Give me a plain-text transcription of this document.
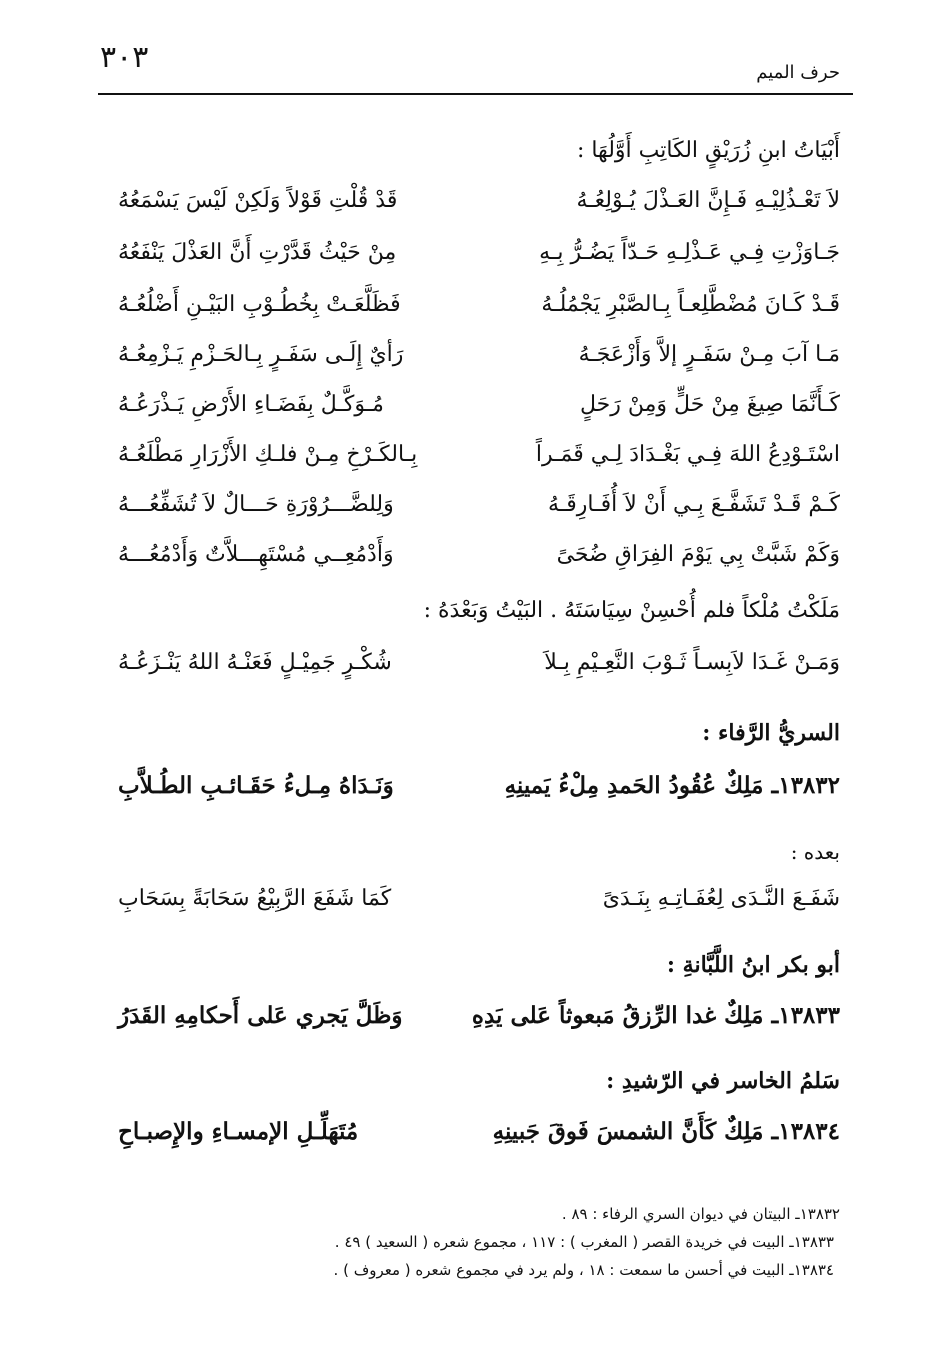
٣٠٣	حرف الميم
أَبْيَاتُ ابنِ زُرَيْقٍ الكَاتِبِ أَوَّلُهَا :
لاَ تَعْـذُلِيْـهِ فَـإِنَّ العَـذْلَ يُـوْلِعُـهُ
قَدْ قُلْتِ قَوْلاً وَلَكِنْ لَيْسَ يَسْمَعُهُ
جَـاوَزْتِ فِـي عَـذْلِـهِ حَـدّاً يَضُـرُّ بِـهِ
مِنْ حَيْثُ قَدَّرْتِ أَنَّ العَذْلَ يَنْفَعُهُ
قَـدْ كَـانَ مُضْطَّلِعـاً بِـالصَّبْرِ يَجْمُلُـهُ
فَظَلَّعَـتْ بِخُطُـوْبِ البَيْـنِ أَضْلُعُـهُ
مَـا آبَ مِـنْ سَفَـرٍ إلاَّ وَأَزْعَجَـهُ
رَأيٌ إِلَـى سَفَـرٍ بِـالحَـزْمِ يَـزْمِعُـهُ
كَـأَنَّمَا صِيغَ مِنْ حَلٍّ وَمِنْ رَحَلٍ
مُـوَكَّـلٌ بِفَضَـاءِ الأَرْضِ يَـذْرَعُـهُ
اسْتَـوْدِعُ اللهَ فِـي بَغْـدَادَ لِـي قَمَـراً
بِـالكَـرْخِ مِـنْ فلـكِ الأَزْرَارِ مَطْلَعُـهُ
كَـمْ قَـدْ تَشَفَّـعَ بِـي أَنْ لاَ أُفَـارِقَـهُ
وَلِلضَّـــرُوْرَةِ حَـــالٌ لاَ تُشَفِّعُـــهُ
وَكَمْ شَبَّتْ بِي يَوْمَ الفِرَاقِ ضُحَىً
وَأَدْمُعِــي مُسْتَهِـــلاَّتٌ وَأَدْمُعُـــهُ
مَلَكْتُ مُلْكاً فلم أُحْسِنْ سِيَاسَتَهُ . البَيْتُ وَبَعْدَهُ :
وَمَـنْ غَـدَا لاَبِسـاً ثَـوْبَ النَّعِـيْمِ بِـلاَ
شُكْـرٍ جَمِيْـلٍ فَعَنْـهُ اللهُ يَنْـزَعُـهُ
السريُّ الرَّفاء :
١٣٨٣٢ـ مَلِكٌ عُقُودُ الحَمدِ مِلْءُ يَمينِهِ
وَنَـدَاهُ مِـلءُ حَقَـائـبِ الطُـلاَّبِ
بعده :
شَفَـعَ النَّـدَى لِعُفَـاتِـهِ بِنَـدَىً
كَمَا شَفَعَ الرَّبِيْعُ سَحَابَةً بِسَحَابِ
أبو بكر ابنُ اللَّبَّانةِ :
١٣٨٣٣ـ مَلِكٌ غدا الرِّزقُ مَبعوثاً عَلى يَدِهِ
وَظَلَّ يَجري عَلى أَحكامِهِ القَدَرُ
سَلمُ الخاسر في الرّشيدِ :
١٣٨٣٤ـ مَلِكٌ كَأَنَّ الشمسَ فَوقَ جَبينِهِ
مُتَهَلِّـلِ الإمسـاءِ والإِصبـاحِ
١٣٨٣٢ـ البيتان في ديوان السري الرفاء : ٨٩ .
١٣٨٣٣ـ البيت في خريدة القصر ( المغرب ) : ١١٧ ، مجموع شعره ( السعيد ) ٤٩ .
١٣٨٣٤ـ البيت في أحسن ما سمعت : ١٨ ، ولم يرد في مجموع شعره ( معروف ) .
